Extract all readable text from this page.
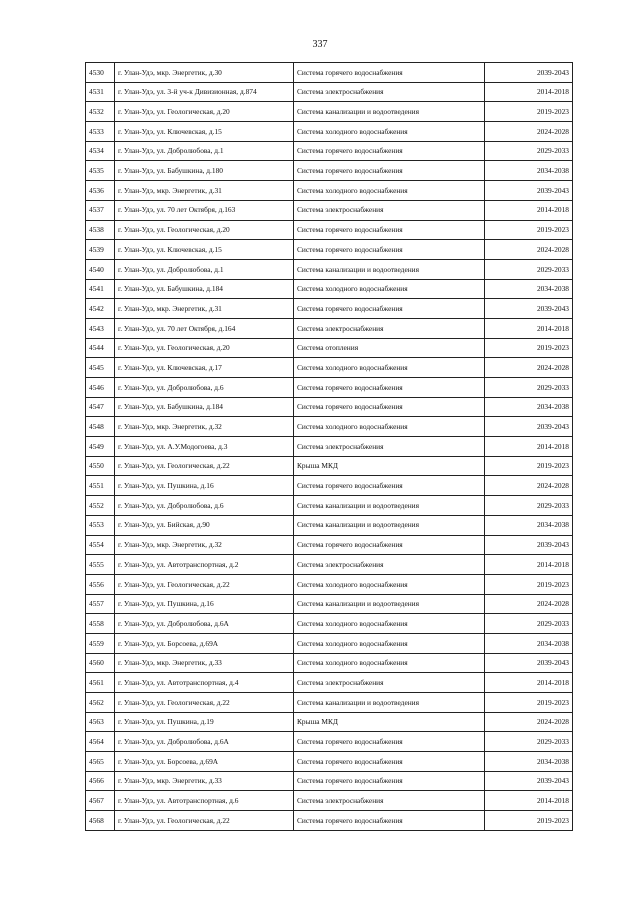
337
4530	г. Улан-Удэ, мкр. Энергетик, д.30	Система горячего водоснабжения	2039-2043
4531	г. Улан-Удэ, ул. 3-й уч-к Дивизионная, д.874	Система электроснабжения	2014-2018
4532	г. Улан-Удэ, ул. Геологическая, д.20	Система канализации и водоотведения	2019-2023
4533	г. Улан-Удэ, ул. Ключевская, д.15	Система холодного водоснабжения	2024-2028
4534	г. Улан-Удэ, ул. Добролюбова, д.1	Система горячего водоснабжения	2029-2033
4535	г. Улан-Удэ, ул. Бабушкина, д.180	Система горячего водоснабжения	2034-2038
4536	г. Улан-Удэ, мкр. Энергетик, д.31	Система холодного водоснабжения	2039-2043
4537	г. Улан-Удэ, ул. 70 лет Октября, д.163	Система электроснабжения	2014-2018
4538	г. Улан-Удэ, ул. Геологическая, д.20	Система горячего водоснабжения	2019-2023
4539	г. Улан-Удэ, ул. Ключевская, д.15	Система горячего водоснабжения	2024-2028
4540	г. Улан-Удэ, ул. Добролюбова, д.1	Система канализации и водоотведения	2029-2033
4541	г. Улан-Удэ, ул. Бабушкина, д.184	Система холодного водоснабжения	2034-2038
4542	г. Улан-Удэ, мкр. Энергетик, д.31	Система горячего водоснабжения	2039-2043
4543	г. Улан-Удэ, ул. 70 лет Октября, д.164	Система электроснабжения	2014-2018
4544	г. Улан-Удэ, ул. Геологическая, д.20	Система отопления	2019-2023
4545	г. Улан-Удэ, ул. Ключевская, д.17	Система холодного водоснабжения	2024-2028
4546	г. Улан-Удэ, ул. Добролюбова, д.6	Система горячего водоснабжения	2029-2033
4547	г. Улан-Удэ, ул. Бабушкина, д.184	Система горячего водоснабжения	2034-2038
4548	г. Улан-Удэ, мкр. Энергетик, д.32	Система холодного водоснабжения	2039-2043
4549	г. Улан-Удэ, ул. А.У.Модогоева, д.3	Система электроснабжения	2014-2018
4550	г. Улан-Удэ, ул. Геологическая, д.22	Крыша МКД	2019-2023
4551	г. Улан-Удэ, ул. Пушкина, д.16	Система горячего водоснабжения	2024-2028
4552	г. Улан-Удэ, ул. Добролюбова, д.6	Система канализации и водоотведения	2029-2033
4553	г. Улан-Удэ, ул. Бийская, д.90	Система канализации и водоотведения	2034-2038
4554	г. Улан-Удэ, мкр. Энергетик, д.32	Система горячего водоснабжения	2039-2043
4555	г. Улан-Удэ, ул. Автотранспортная, д.2	Система электроснабжения	2014-2018
4556	г. Улан-Удэ, ул. Геологическая, д.22	Система холодного водоснабжения	2019-2023
4557	г. Улан-Удэ, ул. Пушкина, д.16	Система канализации и водоотведения	2024-2028
4558	г. Улан-Удэ, ул. Добролюбова, д.6А	Система холодного водоснабжения	2029-2033
4559	г. Улан-Удэ, ул. Борсоева, д.69А	Система холодного водоснабжения	2034-2038
4560	г. Улан-Удэ, мкр. Энергетик, д.33	Система холодного водоснабжения	2039-2043
4561	г. Улан-Удэ, ул. Автотранспортная, д.4	Система электроснабжения	2014-2018
4562	г. Улан-Удэ, ул. Геологическая, д.22	Система канализации и водоотведения	2019-2023
4563	г. Улан-Удэ, ул. Пушкина, д.19	Крыша МКД	2024-2028
4564	г. Улан-Удэ, ул. Добролюбова, д.6А	Система горячего водоснабжения	2029-2033
4565	г. Улан-Удэ, ул. Борсоева, д.69А	Система горячего водоснабжения	2034-2038
4566	г. Улан-Удэ, мкр. Энергетик, д.33	Система горячего водоснабжения	2039-2043
4567	г. Улан-Удэ, ул. Автотранспортная, д.6	Система электроснабжения	2014-2018
4568	г. Улан-Удэ, ул. Геологическая, д.22	Система горячего водоснабжения	2019-2023
